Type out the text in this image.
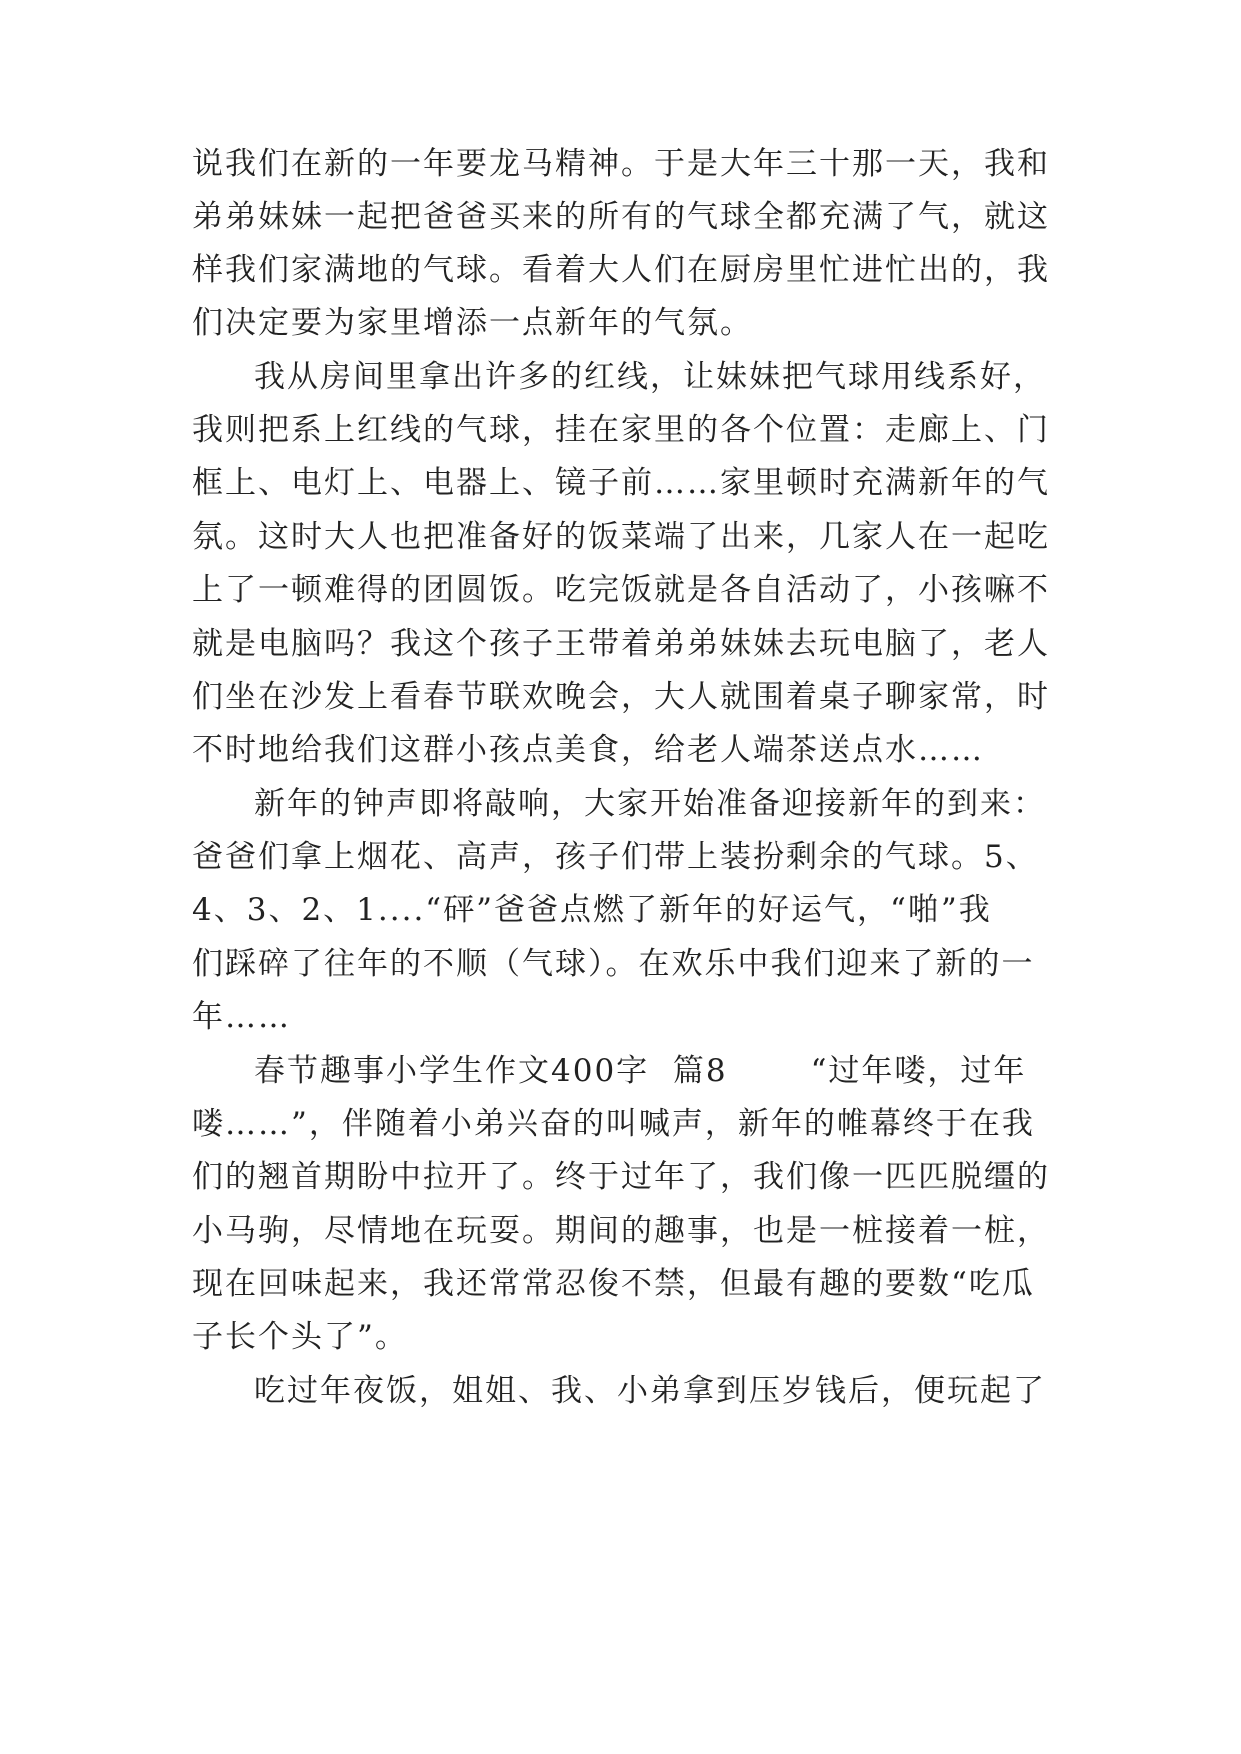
说我们在新的一年要龙马精神。于是大年三十那一天，我和
弟弟妹妹一起把爸爸买来的所有的气球全都充满了气，就这
样我们家满地的气球。看着大人们在厨房里忙进忙出的，我
们决定要为家里增添一点新年的气氛。
我从房间里拿出许多的红线，让妹妹把气球用线系好，
我则把系上红线的气球，挂在家里的各个位置：走廊上、门
框上、电灯上、电器上、镜子前……家里顿时充满新年的气
氛。这时大人也把准备好的饭菜端了出来，几家人在一起吃
上了一顿难得的团圆饭。吃完饭就是各自活动了，小孩嘛不
就是电脑吗？我这个孩子王带着弟弟妹妹去玩电脑了，老人
们坐在沙发上看春节联欢晚会，大人就围着桌子聊家常，时
不时地给我们这群小孩点美食，给老人端茶送点水……
新年的钟声即将敲响，大家开始准备迎接新年的到来：
爸爸们拿上烟花、高声，孩子们带上装扮剩余的气球。5、
4、3、2、1....“砰”爸爸点燃了新年的好运气，“啪”我
们踩碎了往年的不顺（气球）。在欢乐中我们迎来了新的一
年……
春节趣事小学生作文400字  篇8       “过年喽，过年
喽……”，伴随着小弟兴奋的叫喊声，新年的帷幕终于在我
们的翘首期盼中拉开了。终于过年了，我们像一匹匹脱缰的
小马驹，尽情地在玩耍。期间的趣事，也是一桩接着一桩，
现在回味起来，我还常常忍俊不禁，但最有趣的要数“吃瓜
子长个头了”。
吃过年夜饭，姐姐、我、小弟拿到压岁钱后，便玩起了
